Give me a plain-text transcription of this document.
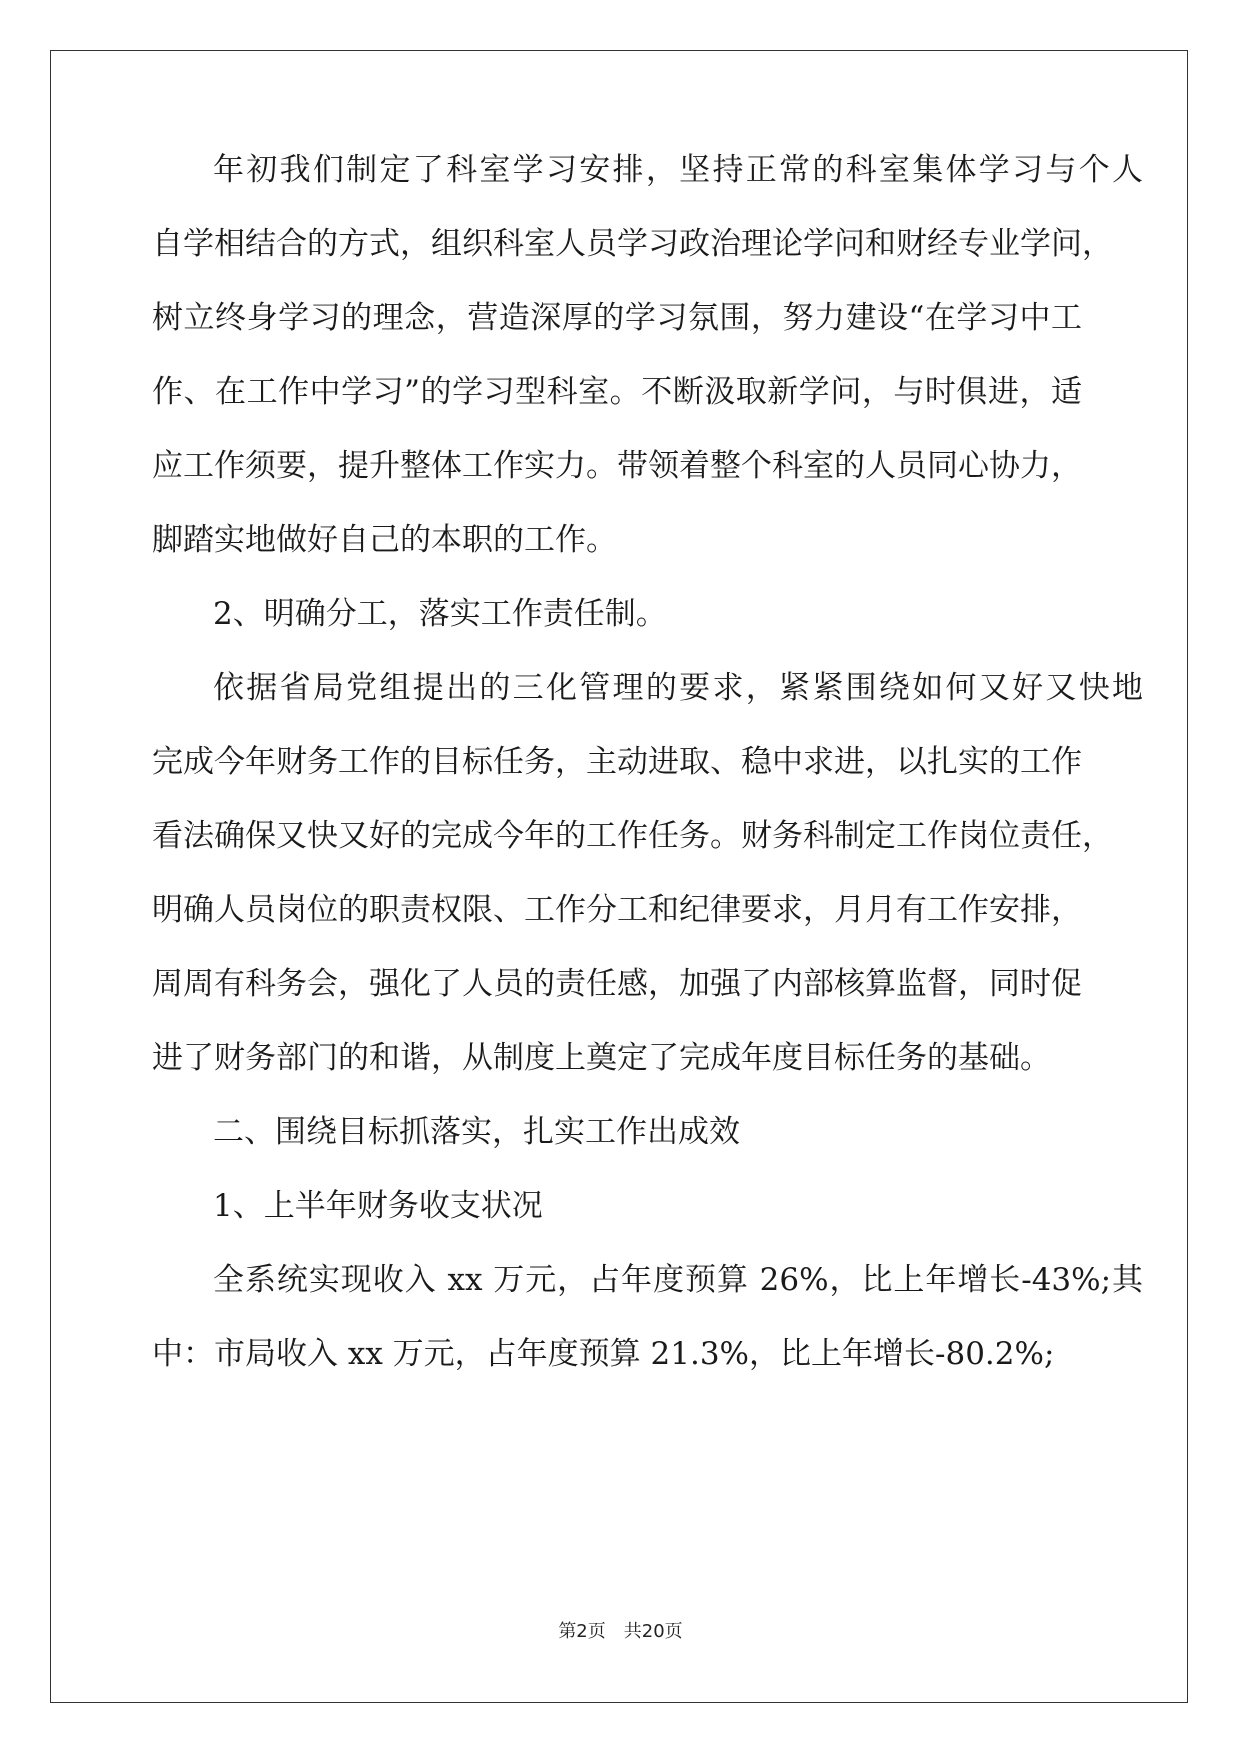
年初我们制定了科室学习安排，坚持正常的科室集体学习与个人
自学相结合的方式，组织科室人员学习政治理论学问和财经专业学问，
树立终身学习的理念，营造深厚的学习氛围，努力建设“在学习中工
作、在工作中学习”的学习型科室。不断汲取新学问，与时俱进，适
应工作须要，提升整体工作实力。带领着整个科室的人员同心协力，
脚踏实地做好自己的本职的工作。
2、明确分工，落实工作责任制。
依据省局党组提出的三化管理的要求，紧紧围绕如何又好又快地
完成今年财务工作的目标任务，主动进取、稳中求进，以扎实的工作
看法确保又快又好的完成今年的工作任务。财务科制定工作岗位责任，
明确人员岗位的职责权限、工作分工和纪律要求，月月有工作安排，
周周有科务会，强化了人员的责任感，加强了内部核算监督，同时促
进了财务部门的和谐，从制度上奠定了完成年度目标任务的基础。
二、围绕目标抓落实，扎实工作出成效
1、上半年财务收支状况
全系统实现收入 xx 万元，占年度预算 26%，比上年增长-43%;其
中：市局收入 xx 万元，占年度预算 21.3%，比上年增长-80.2%;
第2页 共20页
